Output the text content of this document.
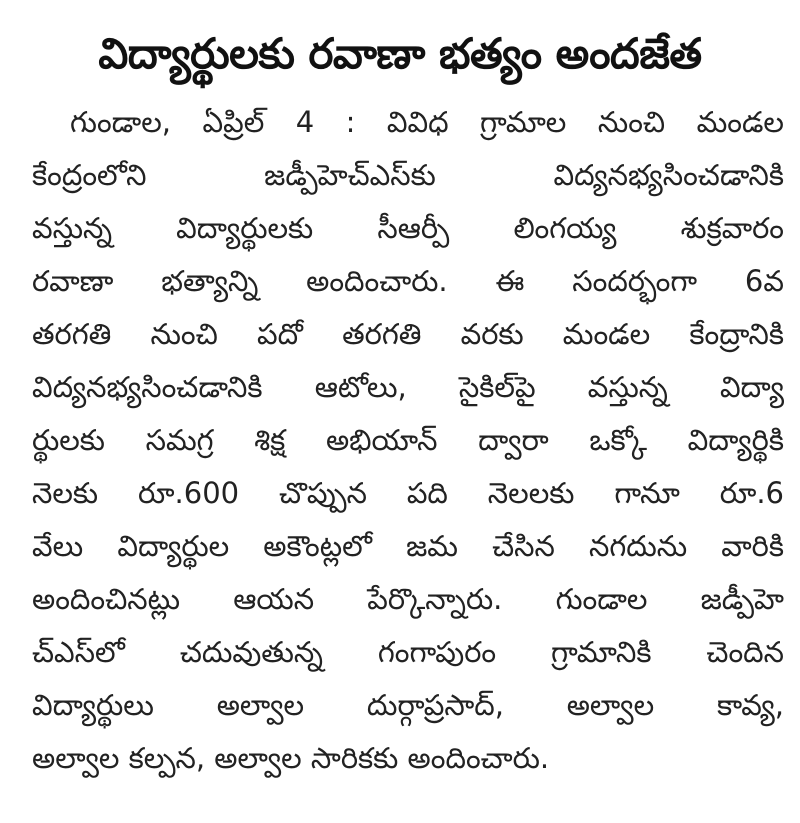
విద్యార్థులకు రవాణా భత్యం అందజేత
గుండాల, ఏప్రిల్ 4 : వివిధ గ్రామాల నుంచి మండల
కేంద్రంలోని జడ్పీహెచ్ఎస్‌కు విద్యనభ్యసించడానికి
వస్తున్న విద్యార్థులకు సీఆర్పీ లింగయ్య శుక్రవారం
రవాణా భత్యాన్ని అందించారు. ఈ సందర్భంగా 6వ
తరగతి నుంచి పదో తరగతి వరకు మండల కేంద్రానికి
విద్యనభ్యసించడానికి ఆటోలు, సైకిల్‌పై వస్తున్న విద్యా
ర్థులకు సమగ్ర శిక్ష అభియాన్ ద్వారా ఒక్కో విద్యార్థికి
నెలకు రూ.600 చొప్పున పది నెలలకు గానూ రూ.6
వేలు విద్యార్థుల అకౌంట్లలో జమ చేసిన నగదును వారికి
అందించినట్లు ఆయన పేర్కొన్నారు. గుండాల జడ్పీహె
చ్ఎస్‌లో చదువుతున్న గంగాపురం గ్రామానికి చెందిన
విద్యార్థులు అల్వాల దుర్గాప్రసాద్, అల్వాల కావ్య,
అల్వాల కల్పన, అల్వాల సారికకు అందించారు.
